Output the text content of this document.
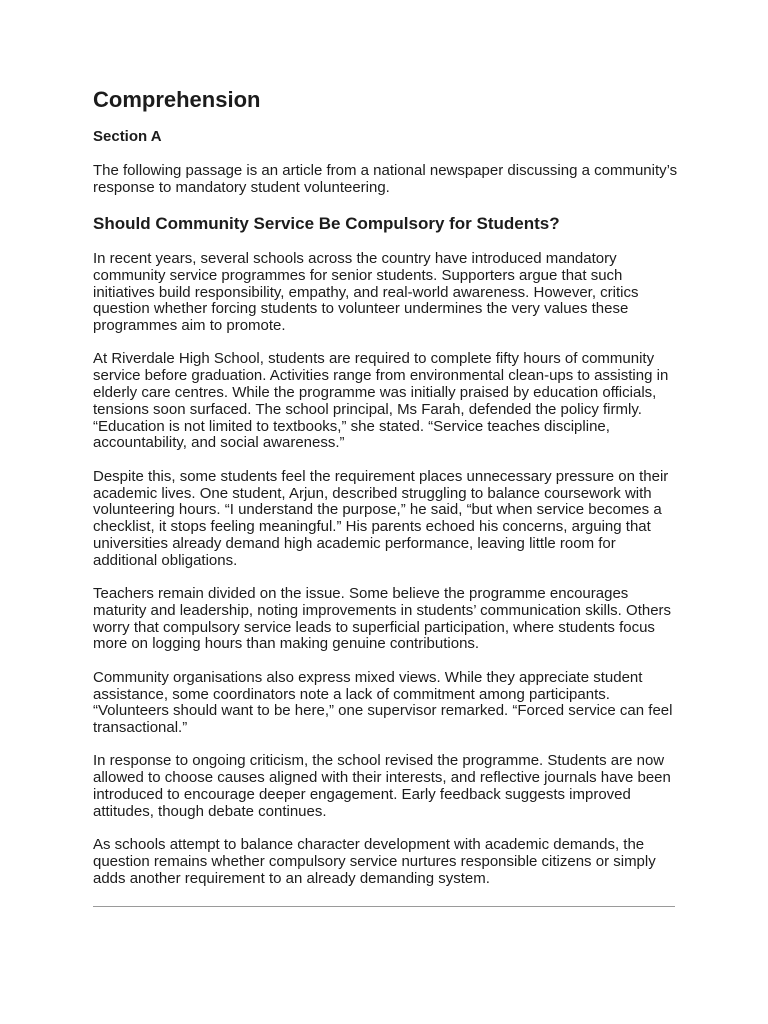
Comprehension
Section A

The following passage is an article from a national newspaper discussing a community’s response to mandatory student volunteering.

Should Community Service Be Compulsory for Students?

In recent years, several schools across the country have introduced mandatory community service programmes for senior students. Supporters argue that such initiatives build responsibility, empathy, and real-world awareness. However, critics question whether forcing students to volunteer undermines the very values these programmes aim to promote.

At Riverdale High School, students are required to complete fifty hours of community service before graduation. Activities range from environmental clean-ups to assisting in elderly care centres. While the programme was initially praised by education officials, tensions soon surfaced. The school principal, Ms Farah, defended the policy firmly. “Education is not limited to textbooks,” she stated. “Service teaches discipline, accountability, and social awareness.”

Despite this, some students feel the requirement places unnecessary pressure on their academic lives. One student, Arjun, described struggling to balance coursework with volunteering hours. “I understand the purpose,” he said, “but when service becomes a checklist, it stops feeling meaningful.” His parents echoed his concerns, arguing that universities already demand high academic performance, leaving little room for additional obligations.

Teachers remain divided on the issue. Some believe the programme encourages maturity and leadership, noting improvements in students’ communication skills. Others worry that compulsory service leads to superficial participation, where students focus more on logging hours than making genuine contributions.

Community organisations also express mixed views. While they appreciate student assistance, some coordinators note a lack of commitment among participants. “Volunteers should want to be here,” one supervisor remarked. “Forced service can feel transactional.”

In response to ongoing criticism, the school revised the programme. Students are now allowed to choose causes aligned with their interests, and reflective journals have been introduced to encourage deeper engagement. Early feedback suggests improved attitudes, though debate continues.

As schools attempt to balance character development with academic demands, the question remains whether compulsory service nurtures responsible citizens or simply adds another requirement to an already demanding system.
